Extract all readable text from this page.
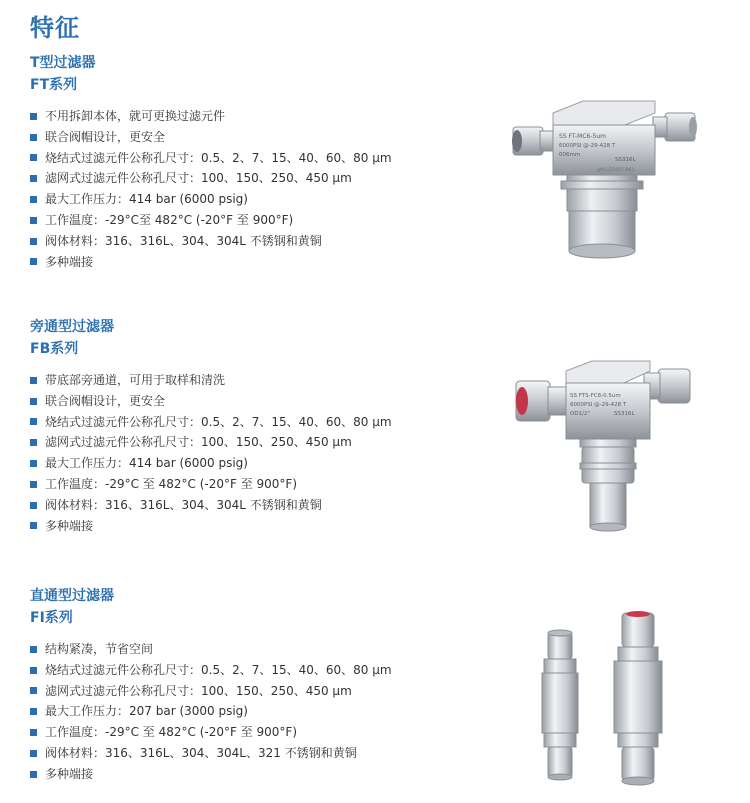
特征
T型过滤器
FT系列
不用拆卸本体，就可更换过滤元件
联合阀帽设计，更安全
烧结式过滤元件公称孔尺寸：0.5、2、7、15、40、60、80 µm
滤网式过滤元件公称孔尺寸：100、150、250、450 µm
最大工作压力：414 bar (6000 psig)
工作温度：-29°C至 482°C (-20°F 至 900°F)
阀体材料：316、316L、304、304L 不锈钢和黄铜
多种端接
旁通型过滤器
FB系列
带底部旁通道，可用于取样和清洗
联合阀帽设计，更安全
烧结式过滤元件公称孔尺寸：0.5、2、7、15、40、60、80 µm
滤网式过滤元件公称孔尺寸：100、150、250、450 µm
最大工作压力：414 bar (6000 psig)
工作温度：-29°C 至 482°C (-20°F 至 900°F)
阀体材料：316、316L、304、304L 不锈钢和黄铜
多种端接
直通型过滤器
FI系列
结构紧凑，节省空间
烧结式过滤元件公称孔尺寸：0.5、2、7、15、40、60、80 µm
滤网式过滤元件公称孔尺寸：100、150、250、450 µm
最大工作压力：207 bar (3000 psig)
工作温度：-29°C 至 482°C (-20°F 至 900°F)
阀体材料：316、316L、304、304L、321 不锈钢和黄铜
多种端接
SS FT-MC6-5um
6000PSI @-29-428 T
006mm
SS316L
gfs/1/22007-865
SS FTS-FC8-0.5um
6000PSI @-29-428 T
OD1/2"	SS316L
